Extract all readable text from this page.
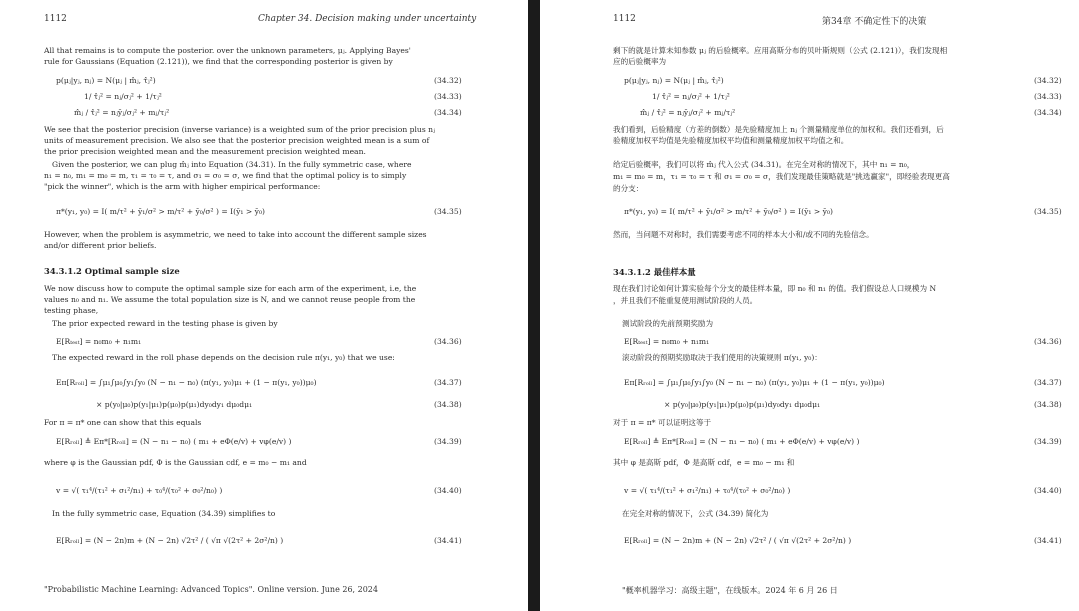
1112	Chapter 34. Decision making under uncertainty
All that remains is to compute the posterior. over the unknown parameters, μⱼ. Applying Bayes'
rule for Gaussians (Equation (2.121)), we find that the corresponding posterior is given by
p(μⱼ|yⱼ, nⱼ) = N(μⱼ | m̂ⱼ, τ̂ⱼ²)	(34.32)
1/ τ̂ⱼ² = nⱼ/σⱼ² + 1/τⱼ²	(34.33)
m̂ⱼ / τ̂ⱼ² = nⱼȳⱼ/σⱼ² + mⱼ/τⱼ²	(34.34)
We see that the posterior precision (inverse variance) is a weighted sum of the prior precision plus nⱼ
units of measurement precision. We also see that the posterior precision weighted mean is a sum of
the prior precision weighted mean and the measurement precision weighted mean.
Given the posterior, we can plug m̂ⱼ into Equation (34.31). In the fully symmetric case, where
n₁ = n₀, m₁ = m₀ = m, τ₁ = τ₀ = τ, and σ₁ = σ₀ = σ, we find that the optimal policy is to simply
"pick the winner", which is the arm with higher empirical performance:
π*(y₁, y₀) = I( m/τ² + ȳ₁/σ² > m/τ² + ȳ₀/σ² ) = I(ȳ₁ > ȳ₀)	(34.35)
However, when the problem is asymmetric, we need to take into account the different sample sizes
and/or different prior beliefs.
34.3.1.2 Optimal sample size
We now discuss how to compute the optimal sample size for each arm of the experiment, i.e, the
values n₀ and n₁. We assume the total population size is N, and we cannot reuse people from the
testing phase,
The prior expected reward in the testing phase is given by
E[Rₜₑₛₜ] = n₀m₀ + n₁m₁	(34.36)
The expected reward in the roll phase depends on the decision rule π(y₁, y₀) that we use:
Eπ[Rᵣₒₗₗ] = ∫μ₁∫μ₀∫y₁∫y₀ (N − n₁ − n₀) (π(y₁, y₀)μ₁ + (1 − π(y₁, y₀))μ₀)	(34.37)
× p(y₀|μ₀)p(y₁|μ₁)p(μ₀)p(μ₁)dy₀dy₁ dμ₀dμ₁	(34.38)
For π = π* one can show that this equals
E[Rᵣₒₗₗ] ≜ Eπ*[Rᵣₒₗₗ] = (N − n₁ − n₀) ( m₁ + eΦ(e/v) + vφ(e/v) )	(34.39)
where φ is the Gaussian pdf, Φ is the Gaussian cdf, e = m₀ − m₁ and
v = √( τ₁⁴/(τ₁² + σ₁²/n₁) + τ₀⁴/(τ₀² + σ₀²/n₀) )	(34.40)
In the fully symmetric case, Equation (34.39) simplifies to
E[Rᵣₒₗₗ] = (N − 2n)m + (N − 2n) √2τ² / ( √π √(2τ² + 2σ²/n) )	(34.41)
"Probabilistic Machine Learning: Advanced Topics". Online version. June 26, 2024
1112	第34章 不确定性下的决策
剩下的就是计算未知参数 μⱼ 的后验概率。应用高斯分布的贝叶斯规则（公式 (2.121)），我们发现相
应的后验概率为
p(μⱼ|yⱼ, nⱼ) = N(μⱼ | m̂ⱼ, τ̂ⱼ²)	(34.32)
1/ τ̂ⱼ² = nⱼ/σⱼ² + 1/τⱼ²	(34.33)
m̂ⱼ / τ̂ⱼ² = nⱼȳⱼ/σⱼ² + mⱼ/τⱼ²	(34.34)
我们看到，后验精度（方差的倒数）是先验精度加上 nⱼ 个测量精度单位的加权和。我们还看到，后
验精度加权平均值是先验精度加权平均值和测量精度加权平均值之和。
给定后验概率，我们可以将 m̂ⱼ 代入公式 (34.31)。在完全对称的情况下，其中 n₁ = n₀，
m₁ = m₀ = m，τ₁ = τ₀ = τ 和 σ₁ = σ₀ = σ，我们发现最佳策略就是"挑选赢家"，即经验表现更高
的分支：
π*(y₁, y₀) = I( m/τ² + ȳ₁/σ² > m/τ² + ȳ₀/σ² ) = I(ȳ₁ > ȳ₀)	(34.35)
然而，当问题不对称时，我们需要考虑不同的样本大小和/或不同的先验信念。
34.3.1.2 最佳样本量
现在我们讨论如何计算实验每个分支的最佳样本量，即 n₀ 和 n₁ 的值。我们假设总人口规模为 N
，并且我们不能重复使用测试阶段的人员。
测试阶段的先前预期奖励为
E[Rₜₑₛₜ] = n₀m₀ + n₁m₁	(34.36)
滚动阶段的预期奖励取决于我们使用的决策规则 π(y₁, y₀)：
Eπ[Rᵣₒₗₗ] = ∫μ₁∫μ₀∫y₁∫y₀ (N − n₁ − n₀) (π(y₁, y₀)μ₁ + (1 − π(y₁, y₀))μ₀)	(34.37)
× p(y₀|μ₀)p(y₁|μ₁)p(μ₀)p(μ₁)dy₀dy₁ dμ₀dμ₁	(34.38)
对于 π = π* 可以证明这等于
E[Rᵣₒₗₗ] ≜ Eπ*[Rᵣₒₗₗ] = (N − n₁ − n₀) ( m₁ + eΦ(e/v) + vφ(e/v) )	(34.39)
其中 φ 是高斯 pdf，Φ 是高斯 cdf，e = m₀ − m₁ 和
v = √( τ₁⁴/(τ₁² + σ₁²/n₁) + τ₀⁴/(τ₀² + σ₀²/n₀) )	(34.40)
在完全对称的情况下，公式 (34.39) 简化为
E[Rᵣₒₗₗ] = (N − 2n)m + (N − 2n) √2τ² / ( √π √(2τ² + 2σ²/n) )	(34.41)
"概率机器学习：高级主题"，在线版本。2024 年 6 月 26 日
